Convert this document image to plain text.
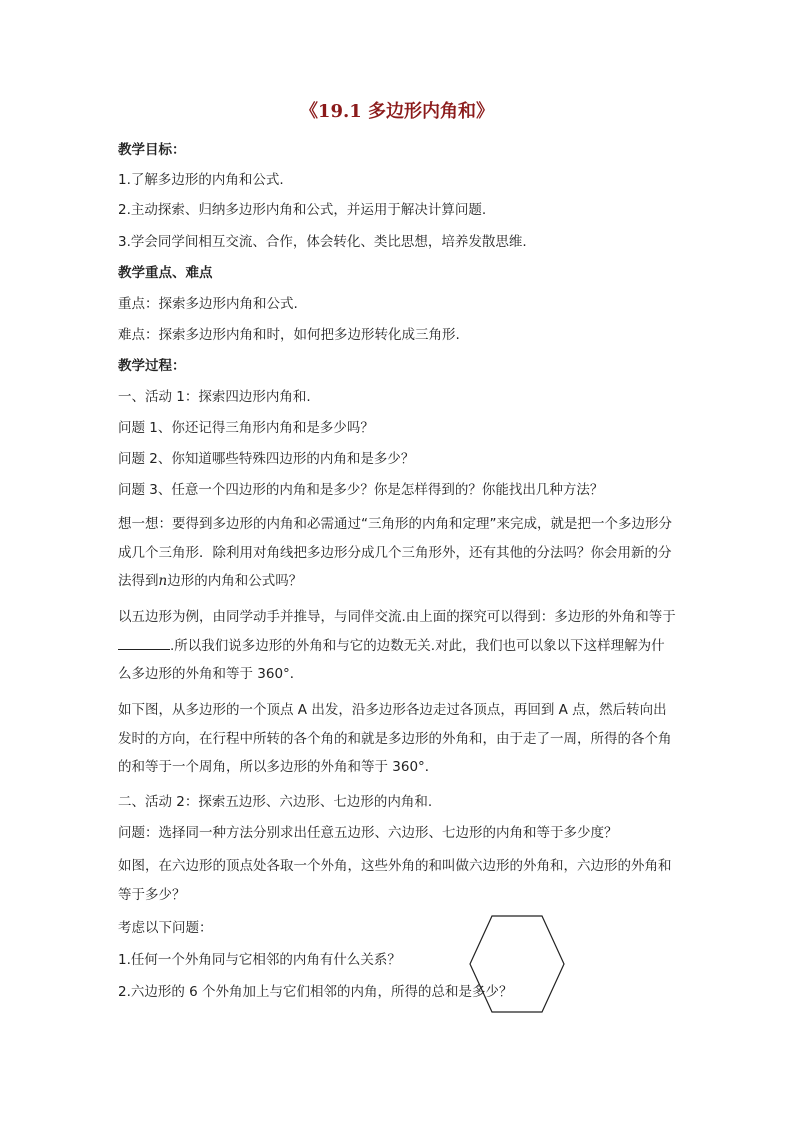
《19.1 多边形内角和》
教学目标：
1.了解多边形的内角和公式.
2.主动探索、归纳多边形内角和公式，并运用于解决计算问题.
3.学会同学间相互交流、合作，体会转化、类比思想，培养发散思维.
教学重点、难点
重点：探索多边形内角和公式.
难点：探索多边形内角和时，如何把多边形转化成三角形.
教学过程：
一、活动 1：探索四边形内角和.
问题 1、你还记得三角形内角和是多少吗？
问题 2、你知道哪些特殊四边形的内角和是多少？
问题 3、任意一个四边形的内角和是多少？你是怎样得到的？你能找出几种方法？

想一想：要得到多边形的内角和必需通过“三角形的内角和定理”来完成，就是把一个多边形分成几个三角形．除利用对角线把多边形分成几个三角形外，还有其他的分法吗？你会用新的分法得到n边形的内角和公式吗？

以五边形为例，由同学动手并推导，与同伴交流.由上面的探究可以得到：多边形的外角和等于.所以我们说多边形的外角和与它的边数无关.对此，我们也可以象以下这样理解为什么多边形的外角和等于 360°．

如下图，从多边形的一个顶点 A 出发，沿多边形各边走过各顶点，再回到 A 点，然后转向出发时的方向，在行程中所转的各个角的和就是多边形的外角和，由于走了一周，所得的各个角的和等于一个周角，所以多边形的外角和等于 360°．
二、活动 2：探索五边形、六边形、七边形的内角和.
问题：选择同一种方法分别求出任意五边形、六边形、七边形的内角和等于多少度？
如图，在六边形的顶点处各取一个外角，这些外角的和叫做六边形的外角和，六边形的外角和等于多少？
考虑以下问题：
1.任何一个外角同与它相邻的内角有什么关系？
2.六边形的 6 个外角加上与它们相邻的内角，所得的总和是多少？
